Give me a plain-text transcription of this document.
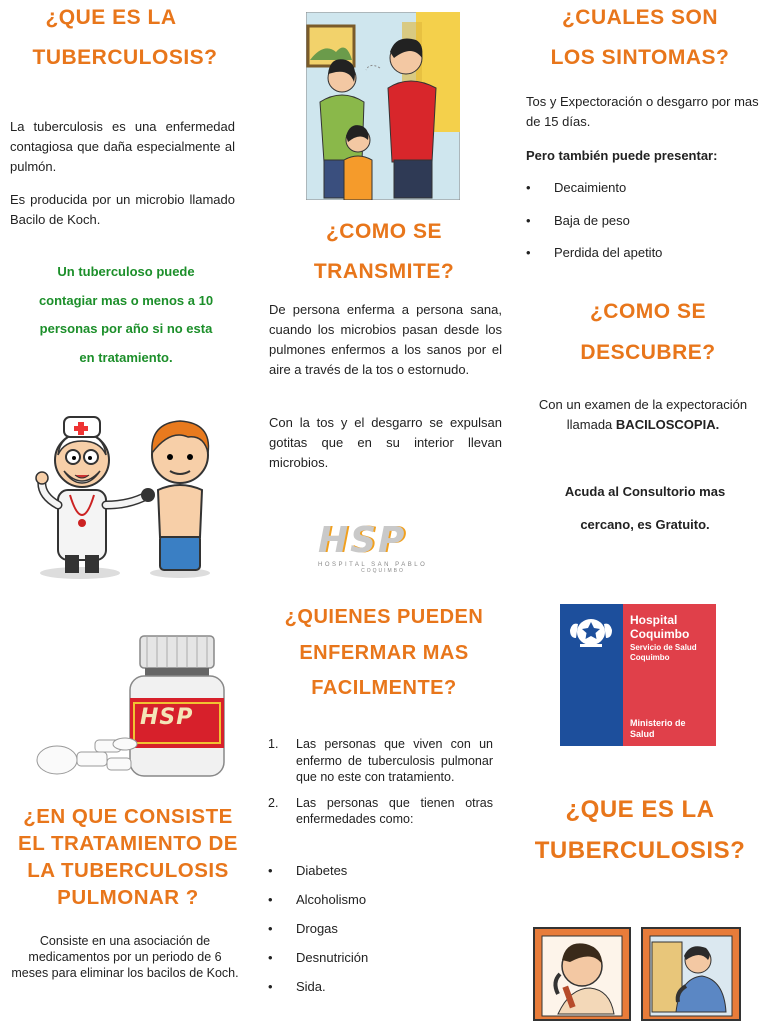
¿QUE ES LA
TUBERCULOSIS?
La tuberculosis es una enfermedad contagiosa que daña especialmente al pulmón.
Es producida por un microbio llamado Bacilo de Koch.
Un tuberculoso puede
contagiar mas o menos a 10
personas por año si no esta
en tratamiento.
HSP
¿EN QUE CONSISTE
EL TRATAMIENTO DE
LA TUBERCULOSIS
PULMONAR ?
Consiste en una asociación de medicamentos por un periodo de 6 meses para eliminar los bacilos de Koch.
¿COMO SE
TRANSMITE?
De persona enferma a persona sana, cuando los microbios pasan desde los pulmones enfermos a los sanos por el aire a través de la tos o estornudo.
Con la tos y el desgarro se expulsan gotitas que en su interior llevan microbios.
HSP
HOSPITAL SAN PABLO
COQUIMBO
¿QUIENES PUEDEN
ENFERMAR MAS
FACILMENTE?
1. Las personas que viven con un enfermo de tuberculosis pulmonar que no este con tratamiento.
2. Las personas que tienen otras enfermedades como:
• Diabetes
• Alcoholismo
• Drogas
• Desnutrición
• Sida.
¿CUALES SON
LOS SINTOMAS?
Tos y Expectoración o desgarro por mas de 15 días.
Pero también puede presentar:
• Decaimiento
• Baja de peso
• Perdida del apetito
¿COMO SE
DESCUBRE?
Con un examen de la expectoración llamada BACILOSCOPIA.
Acuda al Consultorio mas
cercano, es Gratuito.
Hospital
Coquimbo
Servicio de Salud
Coquimbo
Ministerio de
Salud
¿QUE ES LA
TUBERCULOSIS?
